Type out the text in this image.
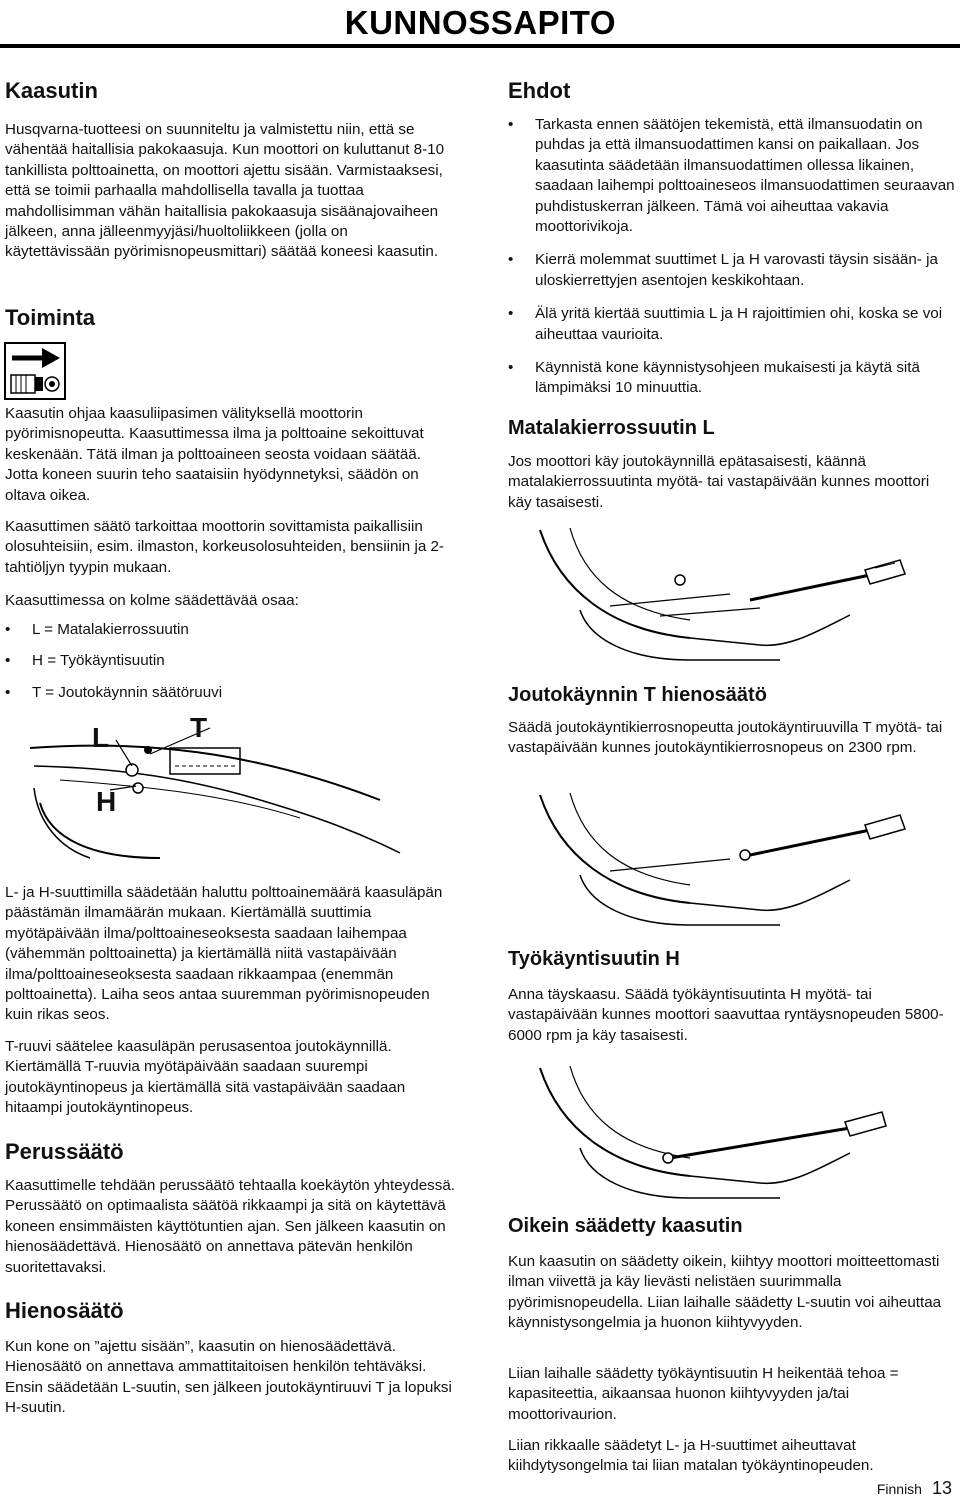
KUNNOSSAPITO
Kaasutin

Husqvarna-tuotteesi on suunniteltu ja valmistettu niin, että se vähentää haitallisia pakokaasuja. Kun moottori on kuluttanut 8-10 tankillista polttoainetta, on moottori ajettu sisään. Varmistaaksesi, että se toimii parhaalla mahdollisella tavalla ja tuottaa mahdollisimman vähän haitallisia pakokaasuja sisäänajovaiheen jälkeen, anna jälleenmyyjäsi/huoltoliikkeen (jolla on käytettävissään pyörimisnopeusmittari) säätää koneesi kaasutin.

Toiminta

Kaasutin ohjaa kaasuliipasimen välityksellä moottorin pyörimisnopeutta. Kaasuttimessa ilma ja polttoaine sekoittuvat keskenään. Tätä ilman ja polttoaineen seosta voidaan säätää. Jotta koneen suurin teho saataisiin hyödynnetyksi, säädön on oltava oikea.

Kaasuttimen säätö tarkoittaa moottorin sovittamista paikallisiin olosuhteisiin, esim. ilmaston, korkeusolosuhteiden, bensiinin ja 2-tahtiöljyn tyypin mukaan.

Kaasuttimessa on kolme säädettävää osaa:

• L = Matalakierrossuutin
• H = Työkäyntisuutin
• T = Joutokäynnin säätöruuvi
L	T
H

L- ja H-suuttimilla säädetään haluttu polttoainemäärä kaasuläpän päästämän ilmamäärän mukaan. Kiertämällä suuttimia myötäpäivään ilma/polttoaineseoksesta saadaan laihempaa (vähemmän polttoainetta) ja kiertämällä niitä vastapäivään ilma/polttoaineseoksesta saadaan rikkaampaa (enemmän polttoainetta). Laiha seos antaa suuremman pyörimisnopeuden kuin rikas seos.

T-ruuvi säätelee kaasuläpän perusasentoa joutokäynnillä. Kiertämällä T-ruuvia myötäpäivään saadaan suurempi joutokäyntinopeus ja kiertämällä sitä vastapäivään saadaan hitaampi joutokäyntinopeus.

Perussäätö

Kaasuttimelle tehdään perussäätö tehtaalla koekäytön yhteydessä. Perussäätö on optimaalista säätöä rikkaampi ja sitä on käytettävä koneen ensimmäisten käyttötuntien ajan. Sen jälkeen kaasutin on hienosäädettävä. Hienosäätö on annettava pätevän henkilön suoritettavaksi.

Hienosäätö

Kun kone on ”ajettu sisään”, kaasutin on hienosäädettävä. Hienosäätö on annettava ammattitaitoisen henkilön tehtäväksi. Ensin säädetään L-suutin, sen jälkeen joutokäyntiruuvi T ja lopuksi H-suutin.

Ehdot
• Tarkasta ennen säätöjen tekemistä, että ilmansuodatin on puhdas ja että ilmansuodattimen kansi on paikallaan. Jos kaasutinta säädetään ilmansuodattimen ollessa likainen, saadaan laihempi polttoaineseos ilmansuodattimen seuraavan puhdistuskerran jälkeen. Tämä voi aiheuttaa vakavia moottorivikoja.
• Kierrä molemmat suuttimet L ja H varovasti täysin sisään- ja uloskierrettyjen asentojen keskikohtaan.
• Älä yritä kiertää suuttimia L ja H rajoittimien ohi, koska se voi aiheuttaa vaurioita.
• Käynnistä kone käynnistysohjeen mukaisesti ja käytä sitä lämpimäksi 10 minuuttia.
Matalakierrossuutin L

Jos moottori käy joutokäynnillä epätasaisesti, käännä matalakierrossuutinta myötä- tai vastapäivään kunnes moottori käy tasaisesti.

Joutokäynnin T hienosäätö

Säädä joutokäyntikierrosnopeutta joutokäyntiruuvilla T myötä- tai vastapäivään kunnes joutokäyntikierrosnopeus on 2300 rpm.

Työkäyntisuutin H

Anna täyskaasu. Säädä työkäyntisuutinta H myötä- tai vastapäivään kunnes moottori saavuttaa ryntäysnopeuden 5800-6000 rpm ja käy tasaisesti.

Oikein säädetty kaasutin

Kun kaasutin on säädetty oikein, kiihtyy moottori moitteettomasti ilman viivettä ja käy lievästi nelistäen suurimmalla pyörimisnopeudella. Liian laihalle säädetty L-suutin voi aiheuttaa käynnistysongelmia ja huonon kiihtyvyyden.

Liian laihalle säädetty työkäyntisuutin H heikentää tehoa = kapasiteettia, aikaansaa huonon kiihtyvyyden ja/tai moottorivaurion.

Liian rikkaalle säädetyt L- ja H-suuttimet aiheuttavat kiihdytysongelmia tai liian matalan työkäyntinopeuden.

Finnish 13
